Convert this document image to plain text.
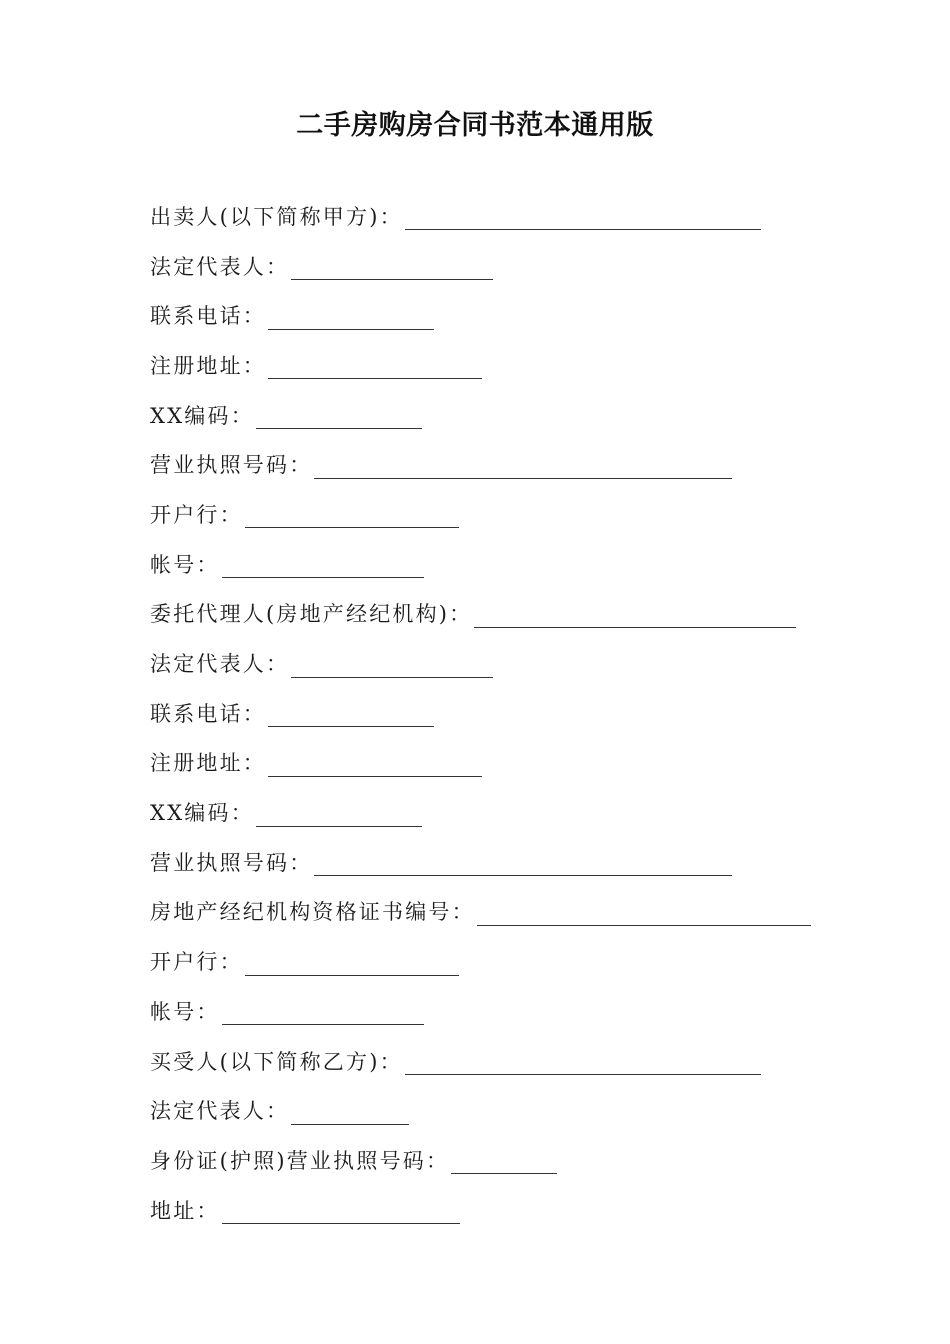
二手房购房合同书范本通用版
出卖人(以下简称甲方)：
法定代表人：
联系电话：
注册地址：
XX编码：
营业执照号码：
开户行：
帐号：
委托代理人(房地产经纪机构)：
法定代表人：
联系电话：
注册地址：
XX编码：
营业执照号码：
房地产经纪机构资格证书编号：
开户行：
帐号：
买受人(以下简称乙方)：
法定代表人：
身份证(护照)营业执照号码：
地址：
